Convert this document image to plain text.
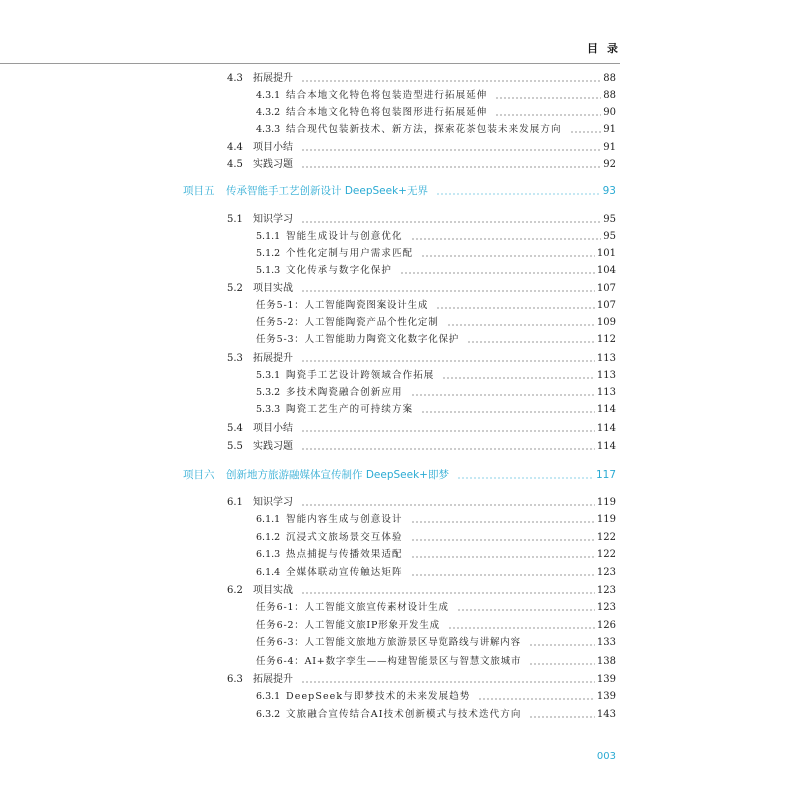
目录
4.3 拓展提升	88
4.3.1 结合本地文化特色将包装造型进行拓展延伸	88
4.3.2 结合本地文化特色将包装图形进行拓展延伸	90
4.3.3 结合现代包装新技术、新方法，探索花茶包装未来发展方向	91
4.4 项目小结	91
4.5 实践习题	92
项目五 传承智能手工艺创新设计 DeepSeek+无界	93
5.1 知识学习	95
5.1.1 智能生成设计与创意优化	95
5.1.2 个性化定制与用户需求匹配	101
5.1.3 文化传承与数字化保护	104
5.2 项目实战	107
任务5-1：人工智能陶瓷图案设计生成	107
任务5-2：人工智能陶瓷产品个性化定制	109
任务5-3：人工智能助力陶瓷文化数字化保护	112
5.3 拓展提升	113
5.3.1 陶瓷手工艺设计跨领域合作拓展	113
5.3.2 多技术陶瓷融合创新应用	113
5.3.3 陶瓷工艺生产的可持续方案	114
5.4 项目小结	114
5.5 实践习题	114
项目六 创新地方旅游融媒体宣传制作 DeepSeek+即梦	117
6.1 知识学习	119
6.1.1 智能内容生成与创意设计	119
6.1.2 沉浸式文旅场景交互体验	122
6.1.3 热点捕捉与传播效果适配	122
6.1.4 全媒体联动宣传触达矩阵	123
6.2 项目实战	123
任务6-1：人工智能文旅宣传素材设计生成	123
任务6-2：人工智能文旅IP形象开发生成	126
任务6-3：人工智能文旅地方旅游景区导览路线与讲解内容	133
任务6-4：AI+数字孪生——构建智能景区与智慧文旅城市	138
6.3 拓展提升	139
6.3.1 DeepSeek与即梦技术的未来发展趋势	139
6.3.2 文旅融合宣传结合AI技术创新模式与技术迭代方向	143
003
